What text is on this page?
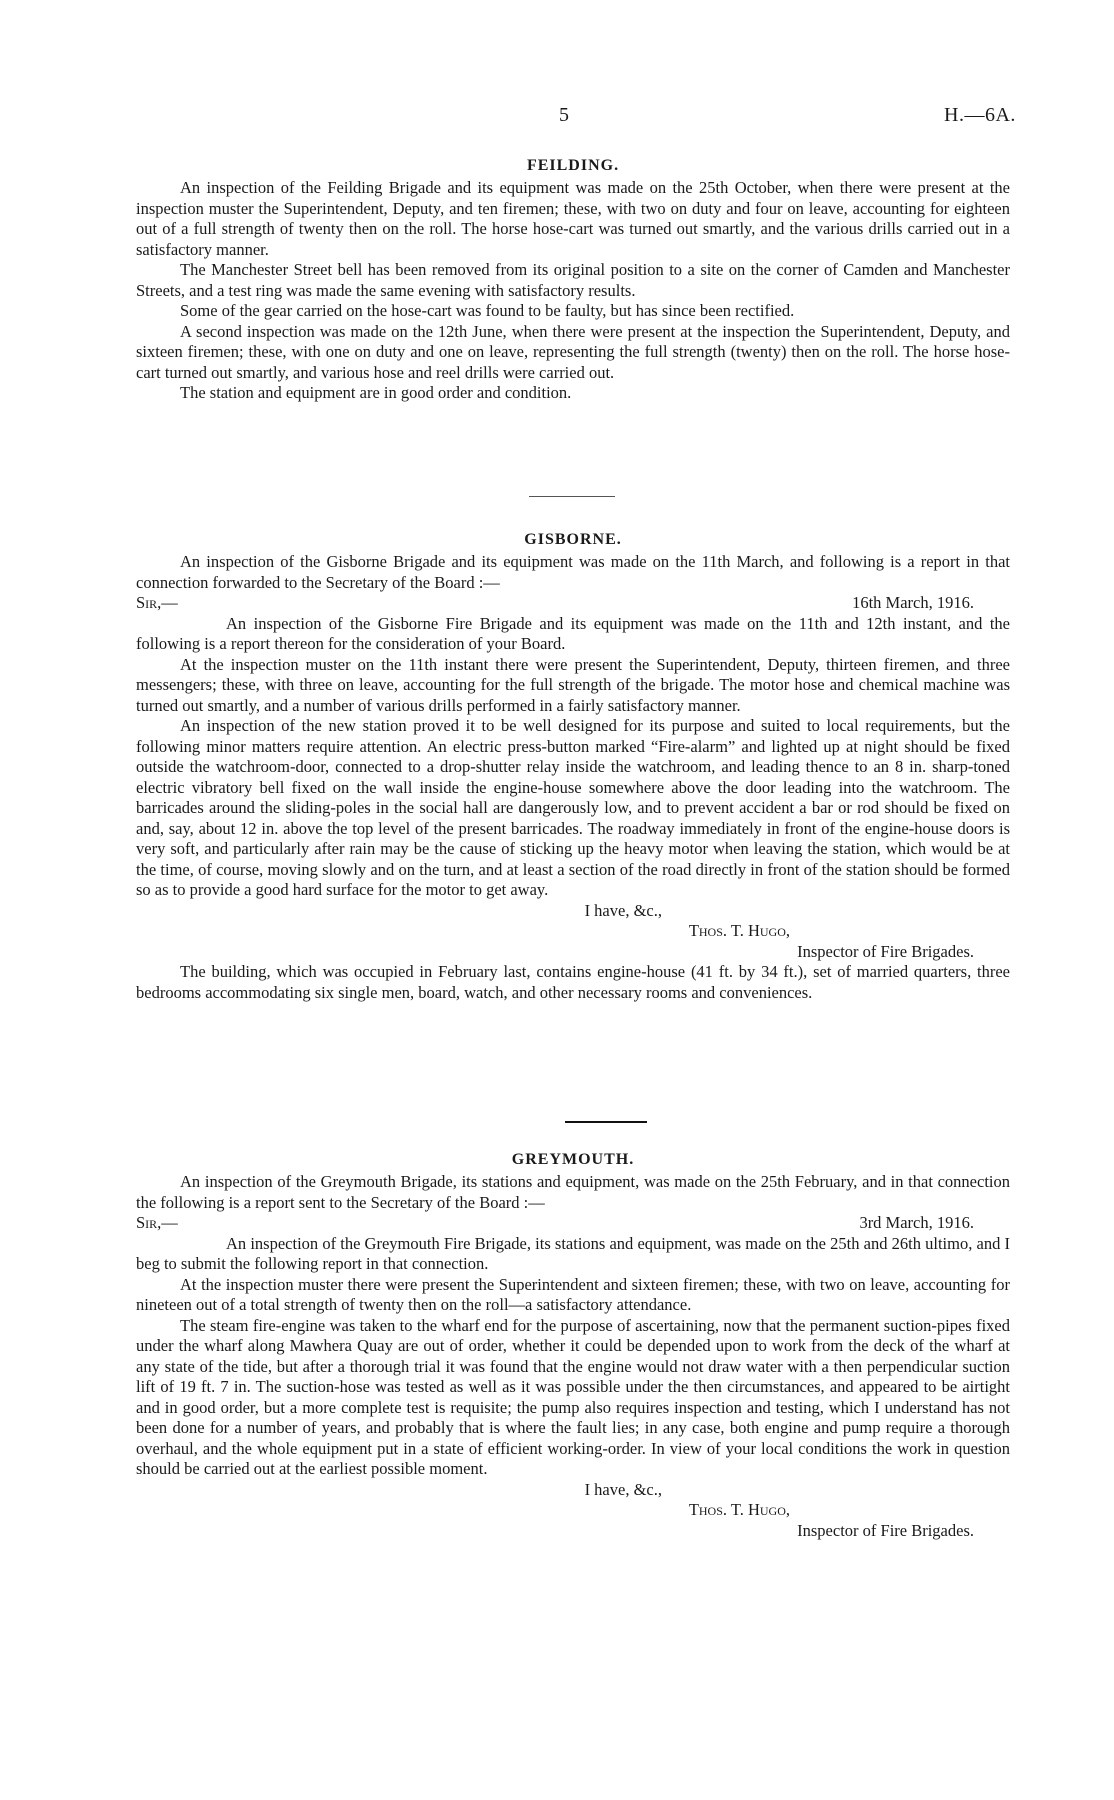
5	H.—6A.
FEILDING.

An inspection of the Feilding Brigade and its equipment was made on the 25th October, when there were present at the inspection muster the Superintendent, Deputy, and ten firemen; these, with two on duty and four on leave, accounting for eighteen out of a full strength of twenty then on the roll. The horse hose-cart was turned out smartly, and the various drills carried out in a satisfactory manner.

The Manchester Street bell has been removed from its original position to a site on the corner of Camden and Manchester Streets, and a test ring was made the same evening with satisfactory results.

Some of the gear carried on the hose-cart was found to be faulty, but has since been rectified.

A second inspection was made on the 12th June, when there were present at the inspection the Superintendent, Deputy, and sixteen firemen; these, with one on duty and one on leave, representing the full strength (twenty) then on the roll. The horse hose-cart turned out smartly, and various hose and reel drills were carried out.

The station and equipment are in good order and condition.

GISBORNE.

An inspection of the Gisborne Brigade and its equipment was made on the 11th March, and following is a report in that connection forwarded to the Secretary of the Board :—

Sir,—	16th March, 1916.

An inspection of the Gisborne Fire Brigade and its equipment was made on the 11th and 12th instant, and the following is a report thereon for the consideration of your Board.

At the inspection muster on the 11th instant there were present the Superintendent, Deputy, thirteen firemen, and three messengers; these, with three on leave, accounting for the full strength of the brigade. The motor hose and chemical machine was turned out smartly, and a number of various drills performed in a fairly satisfactory manner.

An inspection of the new station proved it to be well designed for its purpose and suited to local requirements, but the following minor matters require attention. An electric press-button marked “Fire-alarm” and lighted up at night should be fixed outside the watchroom-door, connected to a drop-shutter relay inside the watchroom, and leading thence to an 8 in. sharp-toned electric vibratory bell fixed on the wall inside the engine-house somewhere above the door leading into the watchroom. The barricades around the sliding-poles in the social hall are dangerously low, and to prevent accident a bar or rod should be fixed on and, say, about 12 in. above the top level of the present barricades. The roadway immediately in front of the engine-house doors is very soft, and particularly after rain may be the cause of sticking up the heavy motor when leaving the station, which would be at the time, of course, moving slowly and on the turn, and at least a section of the road directly in front of the station should be formed so as to provide a good hard surface for the motor to get away.

I have, &c.,
Thos. T. Hugo,
Inspector of Fire Brigades.

The building, which was occupied in February last, contains engine-house (41 ft. by 34 ft.), set of married quarters, three bedrooms accommodating six single men, board, watch, and other necessary rooms and conveniences.

GREYMOUTH.

An inspection of the Greymouth Brigade, its stations and equipment, was made on the 25th February, and in that connection the following is a report sent to the Secretary of the Board :—

Sir,—	3rd March, 1916.

An inspection of the Greymouth Fire Brigade, its stations and equipment, was made on the 25th and 26th ultimo, and I beg to submit the following report in that connection.

At the inspection muster there were present the Superintendent and sixteen firemen; these, with two on leave, accounting for nineteen out of a total strength of twenty then on the roll—a satisfactory attendance.

The steam fire-engine was taken to the wharf end for the purpose of ascertaining, now that the permanent suction-pipes fixed under the wharf along Mawhera Quay are out of order, whether it could be depended upon to work from the deck of the wharf at any state of the tide, but after a thorough trial it was found that the engine would not draw water with a then perpendicular suction lift of 19 ft. 7 in. The suction-hose was tested as well as it was possible under the then circumstances, and appeared to be airtight and in good order, but a more complete test is requisite; the pump also requires inspection and testing, which I understand has not been done for a number of years, and probably that is where the fault lies; in any case, both engine and pump require a thorough overhaul, and the whole equipment put in a state of efficient working-order. In view of your local conditions the work in question should be carried out at the earliest possible moment.

I have, &c.,
Thos. T. Hugo,
Inspector of Fire Brigades.
